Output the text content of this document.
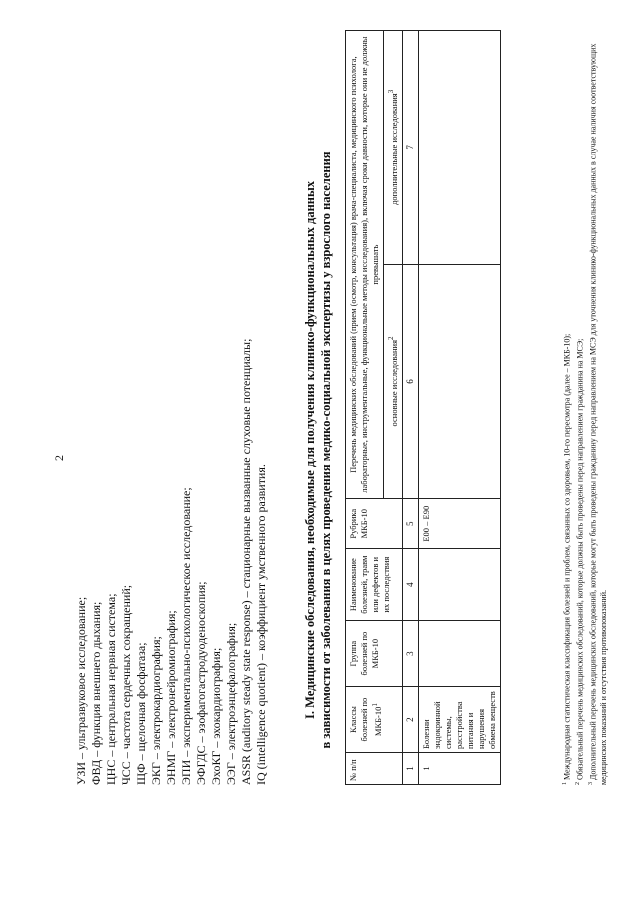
2
УЗИ – ультразвуковое исследование; ФВД – функция внешнего дыхания; ЦНС – центральная нервная система; ЧСС – частота сердечных сокращений; ЩФ – щелочная фосфатаза; ЭКГ – электрокардиография; ЭНМГ – электронейромиография; ЭПИ – экспериментально-психологическое исследование; ЭФГДС – эзофагогастродуоденоскопия; ЭхоКГ – эхокардиография; ЭЭГ – электроэнцефалография; ASSR (auditory steady state response) – стационарные вызванные слуховые потенциалы; IQ (intelligence quotient) – коэффициент умственного развития.	I. Медицинские обследования, необходимые для получения клинико-функциональных данных в зависимости от заболевания в целях проведения медико-социальной экспертизы у взрослого населения
№ п/п	Классы болезней по МКБ-$10^1$	Группа болезней по МКБ-10	Наименование болезней, травм или дефектов и их последствия	Рубрика МКБ-10	Перечень медицинских обследований (прием (осмотр, консультация) врача-специалиста, медицинского психолога, лабораторные, инструментальные, функциональные методы исследования), включая сроки давности, которые они не должны превышать	
					основные исследования$^2$	дополнительные исследования$^3$
1	2	3	4	5	6	7
1	Болезни эндокринной системы, расстройства питания и нарушения обмена веществ			E00 – E90		
$^1$ Международная статистическая классификация болезней и проблем, связанных со здоровьем, 10-го пересмотра (далее – МКБ-10);
$^2$ Обязательный перечень медицинских обследований, которые должны быть проведены перед направлением гражданина на МСЭ;
$^3$ Дополнительный перечень медицинских обследований, которые могут быть проведены гражданину перед направлением на МСЭ для уточнения клинико-функциональных данных в случае наличия соответствующих медицинских показаний и отсутствия противопоказаний.
